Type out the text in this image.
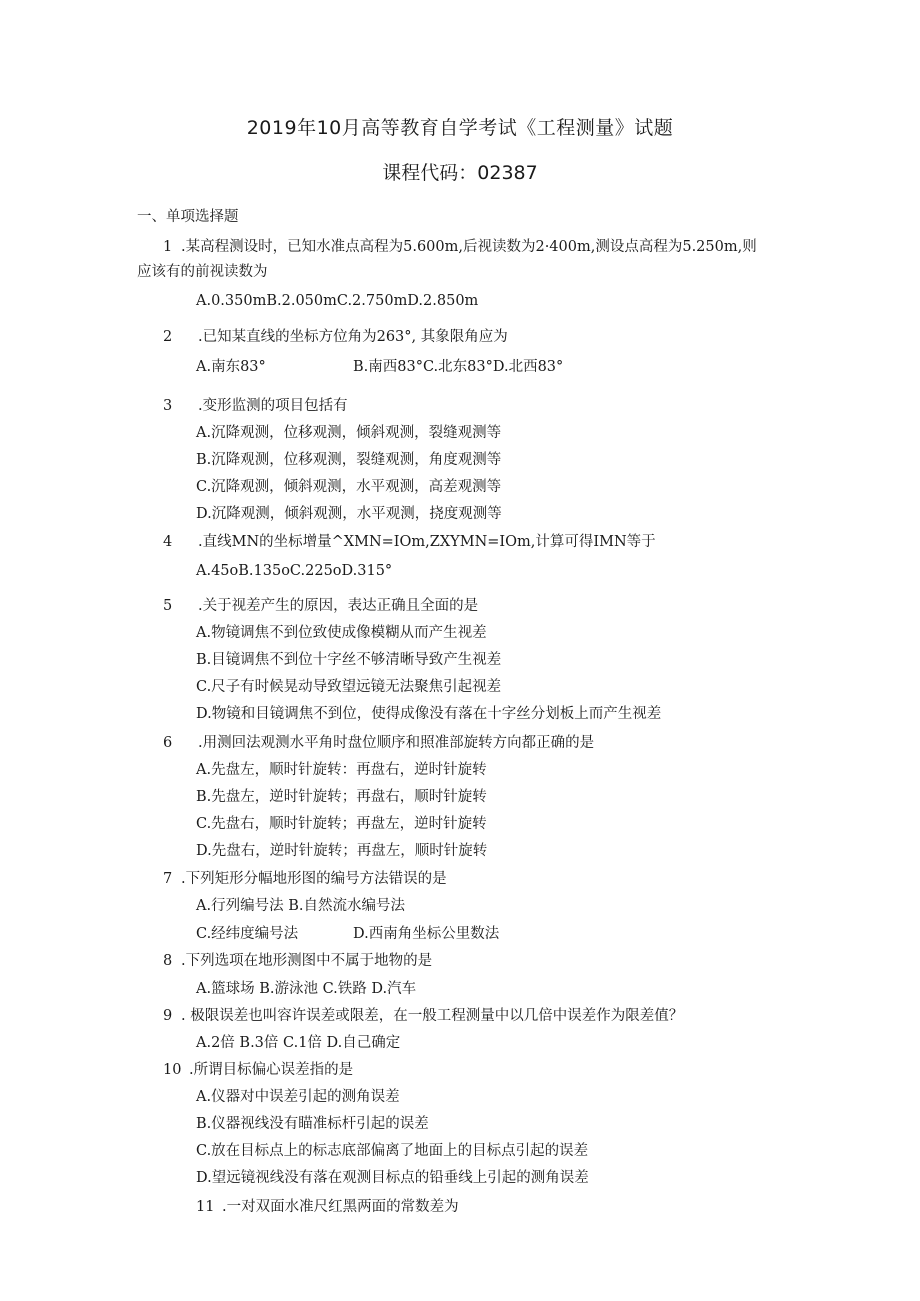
2019年10月高等教育自学考试《工程测量》试题
课程代码：02387
一、单项选择题
1 .某高程测设时，已知水准点高程为5.600m,后视读数为2·400m,测设点高程为5.250m,则
应该有的前视读数为
A.0.350mB.2.050mC.2.750mD.2.850m
2 .已知某直线的坐标方位角为263°, 其象限角应为
A.南东83°	B.南西83°C.北东83°D.北西83°
3 .变形监测的项目包括有
A.沉降观测，位移观测，倾斜观测，裂缝观测等
B.沉降观测，位移观测，裂缝观测，角度观测等
C.沉降观测，倾斜观测，水平观测，高差观测等
D.沉降观测，倾斜观测，水平观测，挠度观测等
4 .直线MN的坐标增量^XMN=IOm,ZXYMN=IOm,计算可得IMN等于
A.45oB.135oC.225oD.315°
5 .关于视差产生的原因，表达正确且全面的是
A.物镜调焦不到位致使成像模糊从而产生视差
B.目镜调焦不到位十字丝不够清晰导致产生视差
C.尺子有时候晃动导致望远镜无法聚焦引起视差
D.物镜和目镜调焦不到位，使得成像没有落在十字丝分划板上而产生视差
6 .用测回法观测水平角时盘位顺序和照准部旋转方向都正确的是
A.先盘左，顺时针旋转：再盘右，逆时针旋转
B.先盘左，逆时针旋转；再盘右，顺时针旋转
C.先盘右，顺时针旋转；再盘左，逆时针旋转
D.先盘右，逆时针旋转；再盘左，顺时针旋转
7 .下列矩形分幅地形图的编号方法错误的是
A.行列编号法 B.自然流水编号法
C.经纬度编号法	D.西南角坐标公里数法
8 .下列选项在地形测图中不属于地物的是
A.篮球场 B.游泳池 C.铁路 D.汽车
9 . 极限误差也叫容许误差或限差，在一般工程测量中以几倍中误差作为限差值？
A.2倍 B.3倍 C.1倍 D.自己确定
10 .所谓目标偏心误差指的是
A.仪器对中误差引起的测角误差
B.仪器视线没有瞄准标杆引起的误差
C.放在目标点上的标志底部偏离了地面上的目标点引起的误差
D.望远镜视线没有落在观测目标点的铅垂线上引起的测角误差
11 .一对双面水准尺红黑两面的常数差为
